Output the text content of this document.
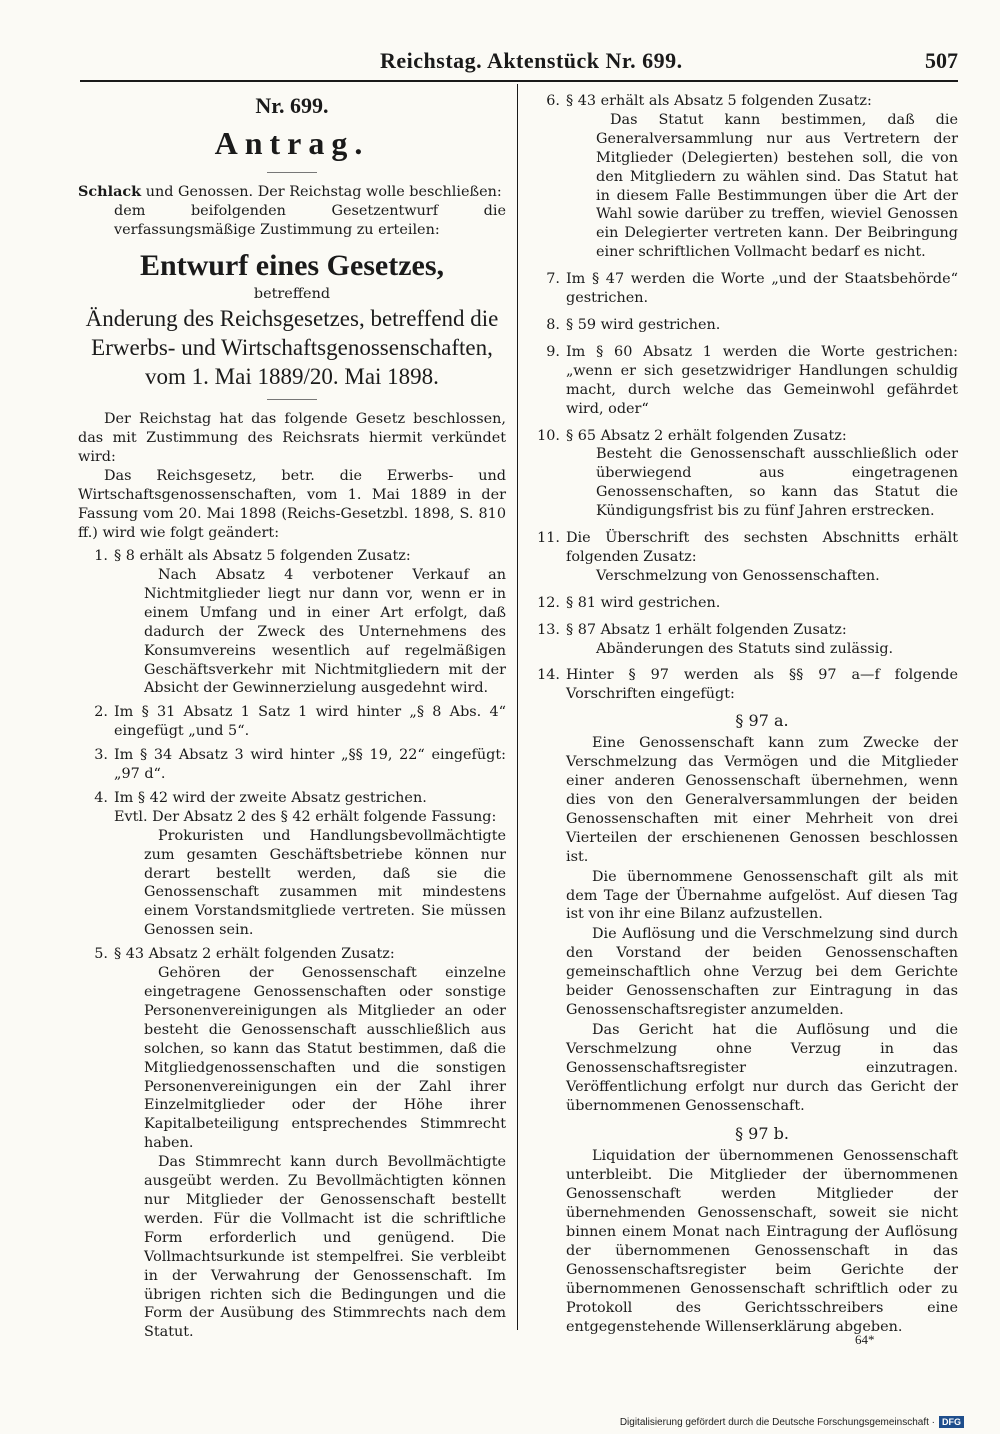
Reichstag. Aktenstück Nr. 699.	507
Nr. 699.
Antrag.
Schlack und Genossen. Der Reichstag wolle beschließen:
dem beifolgenden Gesetzentwurf die verfassungsmäßige Zustimmung zu erteilen:
Entwurf eines Gesetzes,
betreffend
Änderung des Reichsgesetzes, betreffend die Erwerbs- und Wirtschaftsgenossenschaften, vom 1. Mai 1889/20. Mai 1898.
Der Reichstag hat das folgende Gesetz beschlossen, das mit Zustimmung des Reichsrats hiermit verkündet wird:
Das Reichsgesetz, betr. die Erwerbs- und Wirtschaftsgenossenschaften, vom 1. Mai 1889 in der Fassung vom 20. Mai 1898 (Reichs-Gesetzbl. 1898, S. 810 ff.) wird wie folgt geändert:
1. § 8 erhält als Absatz 5 folgenden Zusatz:
Nach Absatz 4 verbotener Verkauf an Nichtmitglieder liegt nur dann vor, wenn er in einem Umfang und in einer Art erfolgt, daß dadurch der Zweck des Unternehmens des Konsumvereins wesentlich auf regelmäßigen Geschäftsverkehr mit Nichtmitgliedern mit der Absicht der Gewinnerzielung ausgedehnt wird.
2. Im § 31 Absatz 1 Satz 1 wird hinter „§ 8 Abs. 4“ eingefügt „und 5“.
3. Im § 34 Absatz 3 wird hinter „§§ 19, 22“ eingefügt: „97 d“.
4. Im § 42 wird der zweite Absatz gestrichen.
Evtl. Der Absatz 2 des § 42 erhält folgende Fassung:
Prokuristen und Handlungsbevollmächtigte zum gesamten Geschäftsbetriebe können nur derart bestellt werden, daß sie die Genossenschaft zusammen mit mindestens einem Vorstandsmitgliede vertreten. Sie müssen Genossen sein.
5. § 43 Absatz 2 erhält folgenden Zusatz:
Gehören der Genossenschaft einzelne eingetragene Genossenschaften oder sonstige Personenvereinigungen als Mitglieder an oder besteht die Genossenschaft ausschließlich aus solchen, so kann das Statut bestimmen, daß die Mitgliedgenossenschaften und die sonstigen Personenvereinigungen ein der Zahl ihrer Einzelmitglieder oder der Höhe ihrer Kapitalbeteiligung entsprechendes Stimmrecht haben.
Das Stimmrecht kann durch Bevollmächtigte ausgeübt werden. Zu Bevollmächtigten können nur Mitglieder der Genossenschaft bestellt werden. Für die Vollmacht ist die schriftliche Form erforderlich und genügend. Die Vollmachtsurkunde ist stempelfrei. Sie verbleibt in der Verwahrung der Genossenschaft. Im übrigen richten sich die Bedingungen und die Form der Ausübung des Stimmrechts nach dem Statut.
6. § 43 erhält als Absatz 5 folgenden Zusatz:
Das Statut kann bestimmen, daß die Generalversammlung nur aus Vertretern der Mitglieder (Delegierten) bestehen soll, die von den Mitgliedern zu wählen sind. Das Statut hat in diesem Falle Bestimmungen über die Art der Wahl sowie darüber zu treffen, wieviel Genossen ein Delegierter vertreten kann. Der Beibringung einer schriftlichen Vollmacht bedarf es nicht.
7. Im § 47 werden die Worte „und der Staatsbehörde“ gestrichen.
8. § 59 wird gestrichen.
9. Im § 60 Absatz 1 werden die Worte gestrichen: „wenn er sich gesetzwidriger Handlungen schuldig macht, durch welche das Gemeinwohl gefährdet wird, oder“
10. § 65 Absatz 2 erhält folgenden Zusatz:
Besteht die Genossenschaft ausschließlich oder überwiegend aus eingetragenen Genossenschaften, so kann das Statut die Kündigungsfrist bis zu fünf Jahren erstrecken.
11. Die Überschrift des sechsten Abschnitts erhält folgenden Zusatz:
Verschmelzung von Genossenschaften.
12. § 81 wird gestrichen.
13. § 87 Absatz 1 erhält folgenden Zusatz:
Abänderungen des Statuts sind zulässig.
14. Hinter § 97 werden als §§ 97 a—f folgende Vorschriften eingefügt:
§ 97 a.
Eine Genossenschaft kann zum Zwecke der Verschmelzung das Vermögen und die Mitglieder einer anderen Genossenschaft übernehmen, wenn dies von den Generalversammlungen der beiden Genossenschaften mit einer Mehrheit von drei Vierteilen der erschienenen Genossen beschlossen ist.
Die übernommene Genossenschaft gilt als mit dem Tage der Übernahme aufgelöst. Auf diesen Tag ist von ihr eine Bilanz aufzustellen.
Die Auflösung und die Verschmelzung sind durch den Vorstand der beiden Genossenschaften gemeinschaftlich ohne Verzug bei dem Gerichte beider Genossenschaften zur Eintragung in das Genossenschaftsregister anzumelden.
Das Gericht hat die Auflösung und die Verschmelzung ohne Verzug in das Genossenschaftsregister einzutragen. Veröffentlichung erfolgt nur durch das Gericht der übernommenen Genossenschaft.
§ 97 b.
Liquidation der übernommenen Genossenschaft unterbleibt. Die Mitglieder der übernommenen Genossenschaft werden Mitglieder der übernehmenden Genossenschaft, soweit sie nicht binnen einem Monat nach Eintragung der Auflösung der übernommenen Genossenschaft in das Genossenschaftsregister beim Gerichte der übernommenen Genossenschaft schriftlich oder zu Protokoll des Gerichtsschreibers eine entgegenstehende Willenserklärung abgeben.
64*
Digitalisierung gefördert durch die Deutsche Forschungsgemeinschaft · DFG
